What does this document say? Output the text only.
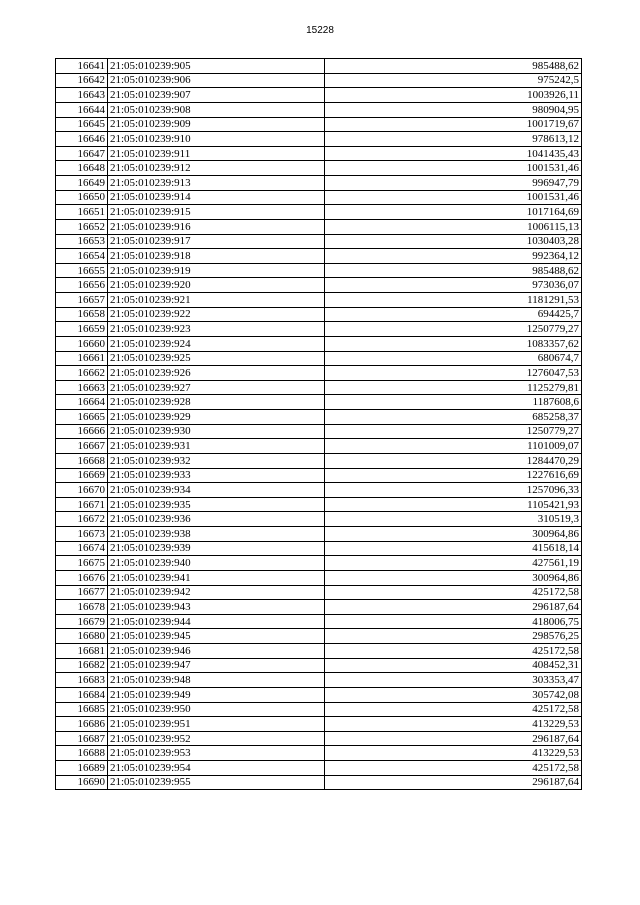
15228
16641	21:05:010239:905	985488,62
16642	21:05:010239:906	975242,5
16643	21:05:010239:907	1003926,11
16644	21:05:010239:908	980904,95
16645	21:05:010239:909	1001719,67
16646	21:05:010239:910	978613,12
16647	21:05:010239:911	1041435,43
16648	21:05:010239:912	1001531,46
16649	21:05:010239:913	996947,79
16650	21:05:010239:914	1001531,46
16651	21:05:010239:915	1017164,69
16652	21:05:010239:916	1006115,13
16653	21:05:010239:917	1030403,28
16654	21:05:010239:918	992364,12
16655	21:05:010239:919	985488,62
16656	21:05:010239:920	973036,07
16657	21:05:010239:921	1181291,53
16658	21:05:010239:922	694425,7
16659	21:05:010239:923	1250779,27
16660	21:05:010239:924	1083357,62
16661	21:05:010239:925	680674,7
16662	21:05:010239:926	1276047,53
16663	21:05:010239:927	1125279,81
16664	21:05:010239:928	1187608,6
16665	21:05:010239:929	685258,37
16666	21:05:010239:930	1250779,27
16667	21:05:010239:931	1101009,07
16668	21:05:010239:932	1284470,29
16669	21:05:010239:933	1227616,69
16670	21:05:010239:934	1257096,33
16671	21:05:010239:935	1105421,93
16672	21:05:010239:936	310519,3
16673	21:05:010239:938	300964,86
16674	21:05:010239:939	415618,14
16675	21:05:010239:940	427561,19
16676	21:05:010239:941	300964,86
16677	21:05:010239:942	425172,58
16678	21:05:010239:943	296187,64
16679	21:05:010239:944	418006,75
16680	21:05:010239:945	298576,25
16681	21:05:010239:946	425172,58
16682	21:05:010239:947	408452,31
16683	21:05:010239:948	303353,47
16684	21:05:010239:949	305742,08
16685	21:05:010239:950	425172,58
16686	21:05:010239:951	413229,53
16687	21:05:010239:952	296187,64
16688	21:05:010239:953	413229,53
16689	21:05:010239:954	425172,58
16690	21:05:010239:955	296187,64
